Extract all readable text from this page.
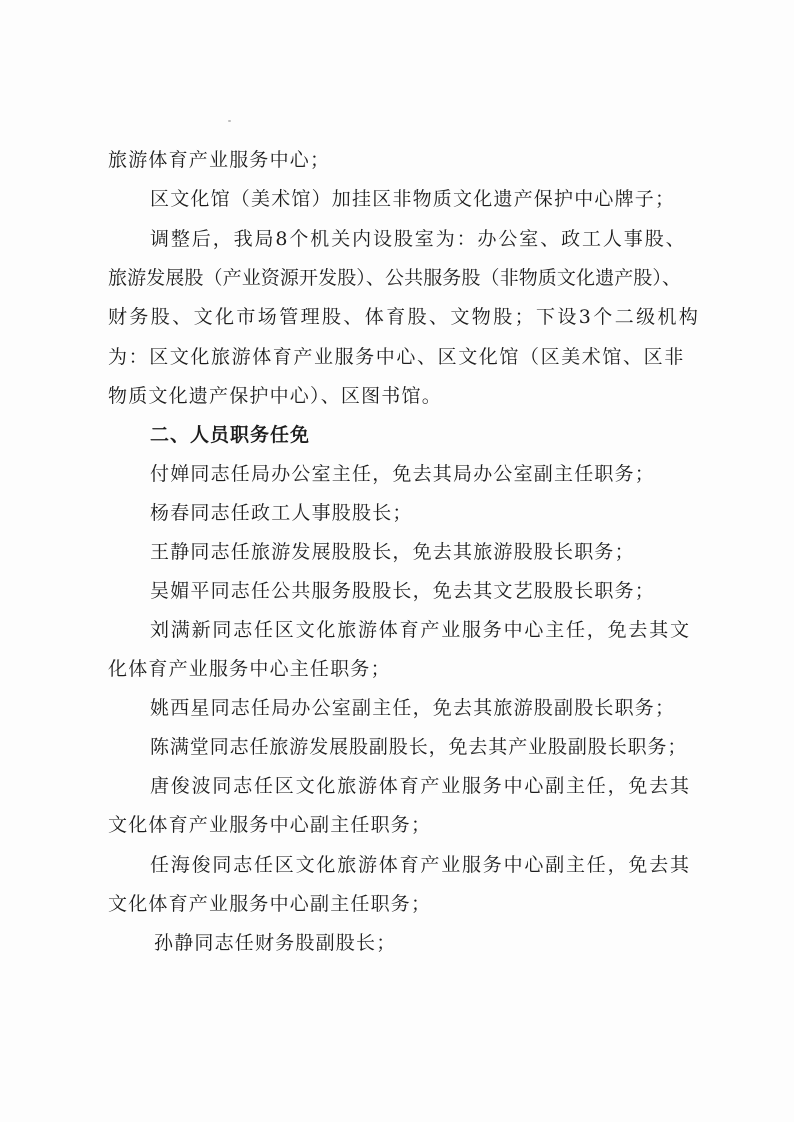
旅游体育产业服务中心；
区文化馆（美术馆）加挂区非物质文化遗产保护中心牌子；
调整后，我局8个机关内设股室为：办公室、政工人事股、
旅游发展股（产业资源开发股）、公共服务股（非物质文化遗产股）、
财务股、文化市场管理股、体育股、文物股；下设3个二级机构
为：区文化旅游体育产业服务中心、区文化馆（区美术馆、区非
物质文化遗产保护中心）、区图书馆。
二、人员职务任免
付婵同志任局办公室主任，免去其局办公室副主任职务；
杨春同志任政工人事股股长；
王静同志任旅游发展股股长，免去其旅游股股长职务；
吴媚平同志任公共服务股股长，免去其文艺股股长职务；
刘满新同志任区文化旅游体育产业服务中心主任，免去其文
化体育产业服务中心主任职务；
姚西星同志任局办公室副主任，免去其旅游股副股长职务；
陈满堂同志任旅游发展股副股长，免去其产业股副股长职务；
唐俊波同志任区文化旅游体育产业服务中心副主任，免去其
文化体育产业服务中心副主任职务；
任海俊同志任区文化旅游体育产业服务中心副主任，免去其
文化体育产业服务中心副主任职务；
孙静同志任财务股副股长；
